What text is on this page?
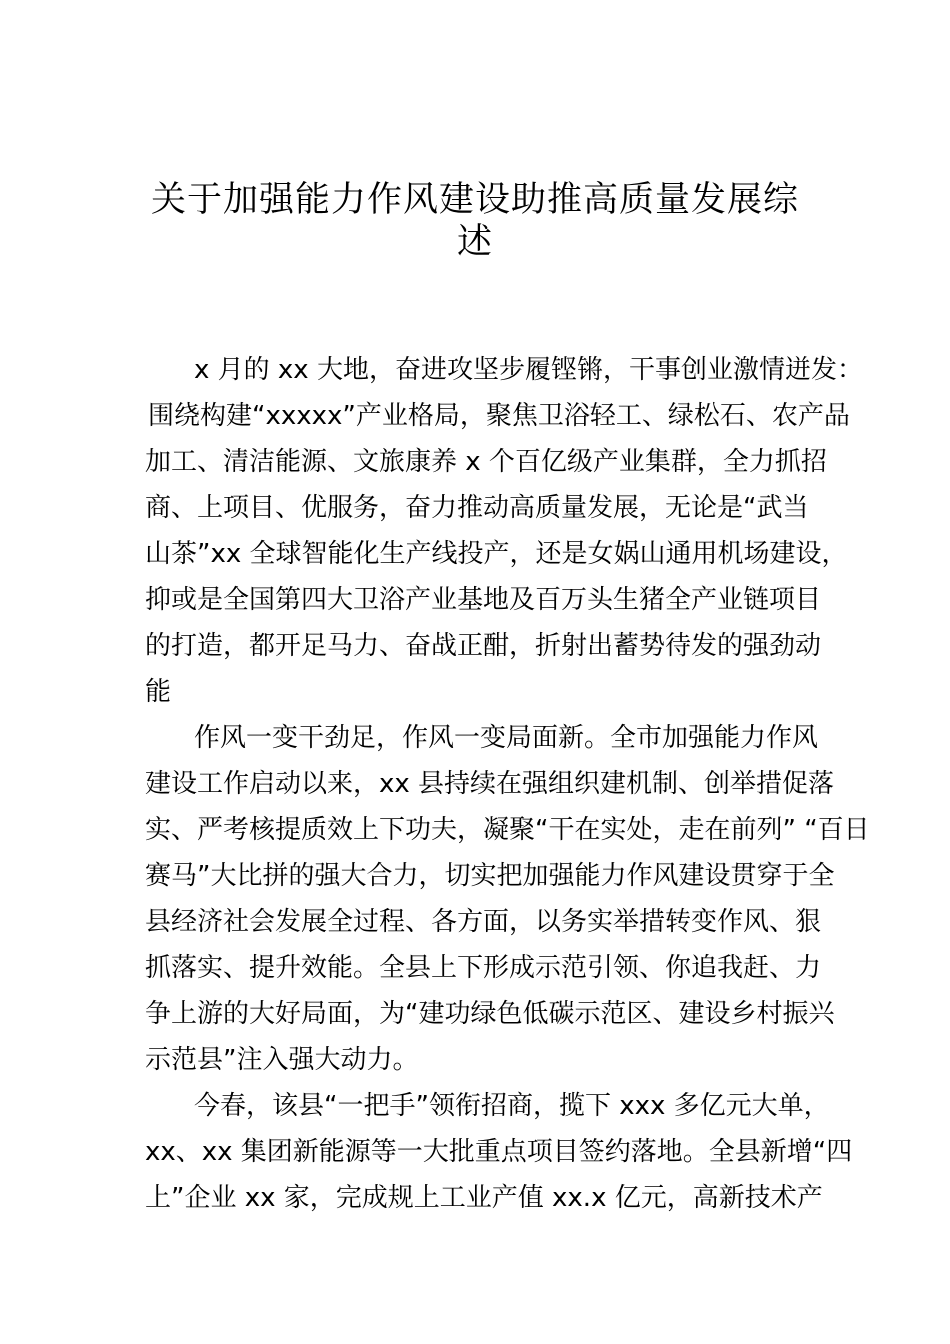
关于加强能力作风建设助推高质量发展综
述

x 月的 xx 大地，奋进攻坚步履铿锵，干事创业激情迸发：

围绕构建“xxxxx”产业格局，聚焦卫浴轻工、绿松石、农产品

加工、清洁能源、文旅康养 x 个百亿级产业集群，全力抓招

商、上项目、优服务，奋力推动高质量发展，无论是“武当

山茶”xx 全球智能化生产线投产，还是女娲山通用机场建设，

抑或是全国第四大卫浴产业基地及百万头生猪全产业链项目

的打造，都开足马力、奋战正酣，折射出蓄势待发的强劲动

能

作风一变干劲足，作风一变局面新。全市加强能力作风

建设工作启动以来，xx 县持续在强组织建机制、创举措促落

实、严考核提质效上下功夫，凝聚“干在实处，走在前列” “百日

赛马”大比拼的强大合力，切实把加强能力作风建设贯穿于全

县经济社会发展全过程、各方面，以务实举措转变作风、狠

抓落实、提升效能。全县上下形成示范引领、你追我赶、力

争上游的大好局面，为“建功绿色低碳示范区、建设乡村振兴

示范县”注入强大动力。

今春，该县“一把手”领衔招商，揽下 xxx 多亿元大单，

xx、xx 集团新能源等一大批重点项目签约落地。全县新增“四

上”企业 xx 家，完成规上工业产值 xx.x 亿元，高新技术产
